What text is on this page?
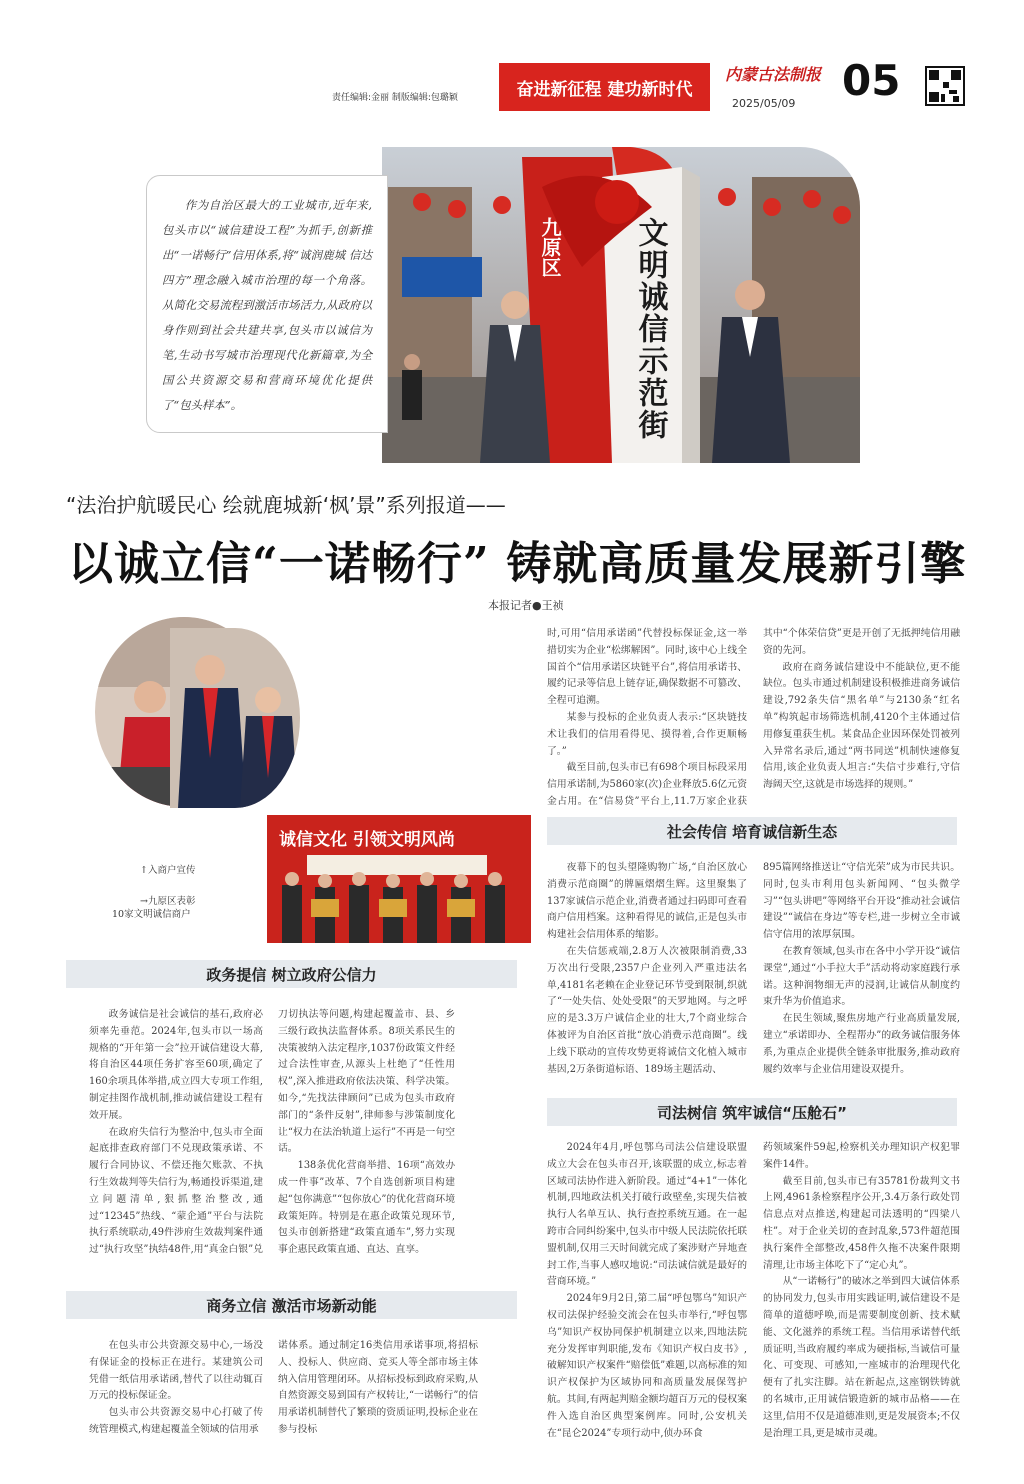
责任编辑:金丽 制版编辑:包璐颖	奋进新征程 建功新时代
内蒙古法制报
2025/05/09 05
九原区 文明诚信示范街

作为自治区最大的工业城市,近年来,包头市以“诚信建设工程”为抓手,创新推出“一诺畅行”信用体系,将“诚润鹿城 信达四方”理念融入城市治理的每一个角落。从简化交易流程到激活市场活力,从政府以身作则到社会共建共享,包头市以诚信为笔,生动书写城市治理现代化新篇章,为全国公共资源交易和营商环境优化提供了“包头样本”。

“法治护航暖民心 绘就鹿城新‘枫’景”系列报道——
以诚立信“一诺畅行” 铸就高质量发展新引擎
本报记者●王祯
诚信文化 引领文明风尚
↑入商户宣传
→九原区表彰
10家文明诚信商户
政务提信 树立政府公信力

政务诚信是社会诚信的基石,政府必须率先垂范。2024年,包头市以一场高规格的“开年第一会”拉开诚信建设大幕,将自治区44项任务扩容至60项,确定了160余项具体举措,成立四大专项工作组,制定挂图作战机制,推动诚信建设工程有效开展。

在政府失信行为整治中,包头市全面起底排查政府部门不兑现政策承诺、不履行合同协议、不偿还拖欠账款、不执行生效裁判等失信行为,畅通投诉渠道,建立问题清单,狠抓整治整改,通过“12345”热线、“蒙企通”平台与法院执行系统联动,49件涉府生效裁判案件通过“执行攻坚”执结48件,用“真金白银”兑

刀切执法等问题,构建起覆盖市、县、乡三级行政执法监督体系。8项关系民生的决策被纳入法定程序,1037份政策文件经过合法性审查,从源头上杜绝了“任性用权”,深入推进政府依法决策、科学决策。如今,“先找法律顾问”已成为包头市政府部门的“条件反射”,律师参与涉策制度化让“权力在法治轨道上运行”不再是一句空话。

138条优化营商举措、16项“高效办成一件事”改革、7个自选创新项目构建起“包你满意”“包你放心”的优化营商环境政策矩阵。特别是在惠企政策兑现环节,包头市创新搭建“政策直通车”,努力实现事企惠民政策直通、直达、直享。

商务立信 激活市场新动能

在包头市公共资源交易中心,一场没有保证金的投标正在进行。某建筑公司凭借一纸信用承诺函,替代了以往动辄百万元的投标保证金。

包头市公共资源交易中心打破了传统管理模式,构建起覆盖全领域的信用承

诺体系。通过制定16类信用承诺事项,将招标人、投标人、供应商、竞买人等全部市场主体纳入信用管理闭环。从招标投标到政府采购,从自然资源交易到国有产权转让,“一诺畅行”的信用承诺机制替代了繁琐的资质证明,投标企业在参与投标

时,可用“信用承诺函”代替投标保证金,这一举措切实为企业“松绑解困”。同时,该中心上线全国首个“信用承诺区块链平台”,将信用承诺书、履约记录等信息上链存证,确保数据不可篡改、全程可追溯。

某参与投标的企业负责人表示:“区块链技术让我们的信用看得见、摸得着,合作更顺畅了。”

截至目前,包头市已有698个项目标段采用信用承诺制,为5860家(次)企业释放5.6亿元资金占用。在“信易贷”平台上,11.7万家企业获

其中“个体荣信贷”更是开创了无抵押纯信用融资的先河。

政府在商务诚信建设中不能缺位,更不能缺位。包头市通过机制建设积极推进商务诚信建设,792条失信“黑名单”与2130条“红名单”构筑起市场筛选机制,4120个主体通过信用修复重获生机。某食品企业因环保处罚被列入异常名录后,通过“两书同送”机制快速修复信用,该企业负责人坦言:“失信寸步难行,守信海阔天空,这就是市场选择的规则。”

社会传信 培育诚信新生态

夜幕下的包头望隆购物广场,“自治区放心消费示范商圈”的牌匾熠熠生辉。这里聚集了137家诚信示范企业,消费者通过扫码即可查看商户信用档案。这种看得见的诚信,正是包头市构建社会信用体系的缩影。

在失信惩戒端,2.8万人次被限制消费,33万次出行受限,2357户企业列入严重违法名单,4181名老赖在企业登记环节受到限制,织就了“一处失信、处处受限”的天罗地网。与之呼应的是3.3万户诚信企业的壮大,7个商业综合体被评为自治区首批“放心消费示范商圈”。线上线下联动的宣传攻势更将诚信文化植入城市基因,2万条街道标语、189场主题活动、

895篇网络推送让“守信光荣”成为市民共识。同时,包头市利用包头新闻网、“包头微学习”“包头讲吧”等网络平台开设“推动社会诚信建设”“诚信在身边”等专栏,进一步树立全市诚信守信用的浓厚氛围。

在教育领域,包头市在各中小学开设“诚信课堂”,通过“小手拉大手”活动将动家庭践行承诺。这种润物细无声的浸润,让诚信从制度约束升华为价值追求。

在民生领域,聚焦房地产行业高质量发展,建立“承诺即办、全程帮办”的政务诚信服务体系,为重点企业提供全链条审批服务,推动政府履约效率与企业信用建设双提升。

司法树信 筑牢诚信“压舱石”

2024年4月,呼包鄂乌司法公信建设联盟成立大会在包头市召开,该联盟的成立,标志着区域司法协作进入新阶段。通过“4+1”一体化机制,四地政法机关打破行政壁垒,实现失信被执行人名单互认、执行查控系统互通。在一起跨市合同纠纷案中,包头市中级人民法院依托联盟机制,仅用三天时间就完成了案涉财产异地查封工作,当事人感叹地说:“司法诚信就是最好的营商环境。”

2024年9月2日,第二届“呼包鄂乌”知识产权司法保护经验交流会在包头市举行,“呼包鄂乌”知识产权协同保护机制建立以来,四地法院充分发挥审判职能,发布《知识产权白皮书》,破解知识产权案件“赔偿低”难题,以高标准的知识产权保护为区域协同和高质量发展保驾护航。其间,有两起判赔金额均超百万元的侵权案件入选自治区典型案例库。同时,公安机关在“昆仑2024”专项行动中,侦办环食

药领域案件59起,检察机关办理知识产权犯罪案件14件。

截至目前,包头市已有35781份裁判文书上网,4961条检察程序公开,3.4万条行政处罚信息点对点推送,构建起司法透明的“四梁八柱”。对于企业关切的查封乱象,573件超范围执行案件全部整改,458件久拖不决案件限期清理,让市场主体吃下了“定心丸”。

从“一诺畅行”的破冰之举到四大诚信体系的协同发力,包头市用实践证明,诚信建设不是简单的道德呼唤,而是需要制度创新、技术赋能、文化滋养的系统工程。当信用承诺替代纸质证明,当政府履约率成为硬指标,当诚信可量化、可变现、可感知,一座城市的治理现代化便有了扎实注脚。站在新起点,这座钢铁铸就的名城市,正用诚信锻造新的城市品格——在这里,信用不仅是道德准则,更是发展资本;不仅是治理工具,更是城市灵魂。
